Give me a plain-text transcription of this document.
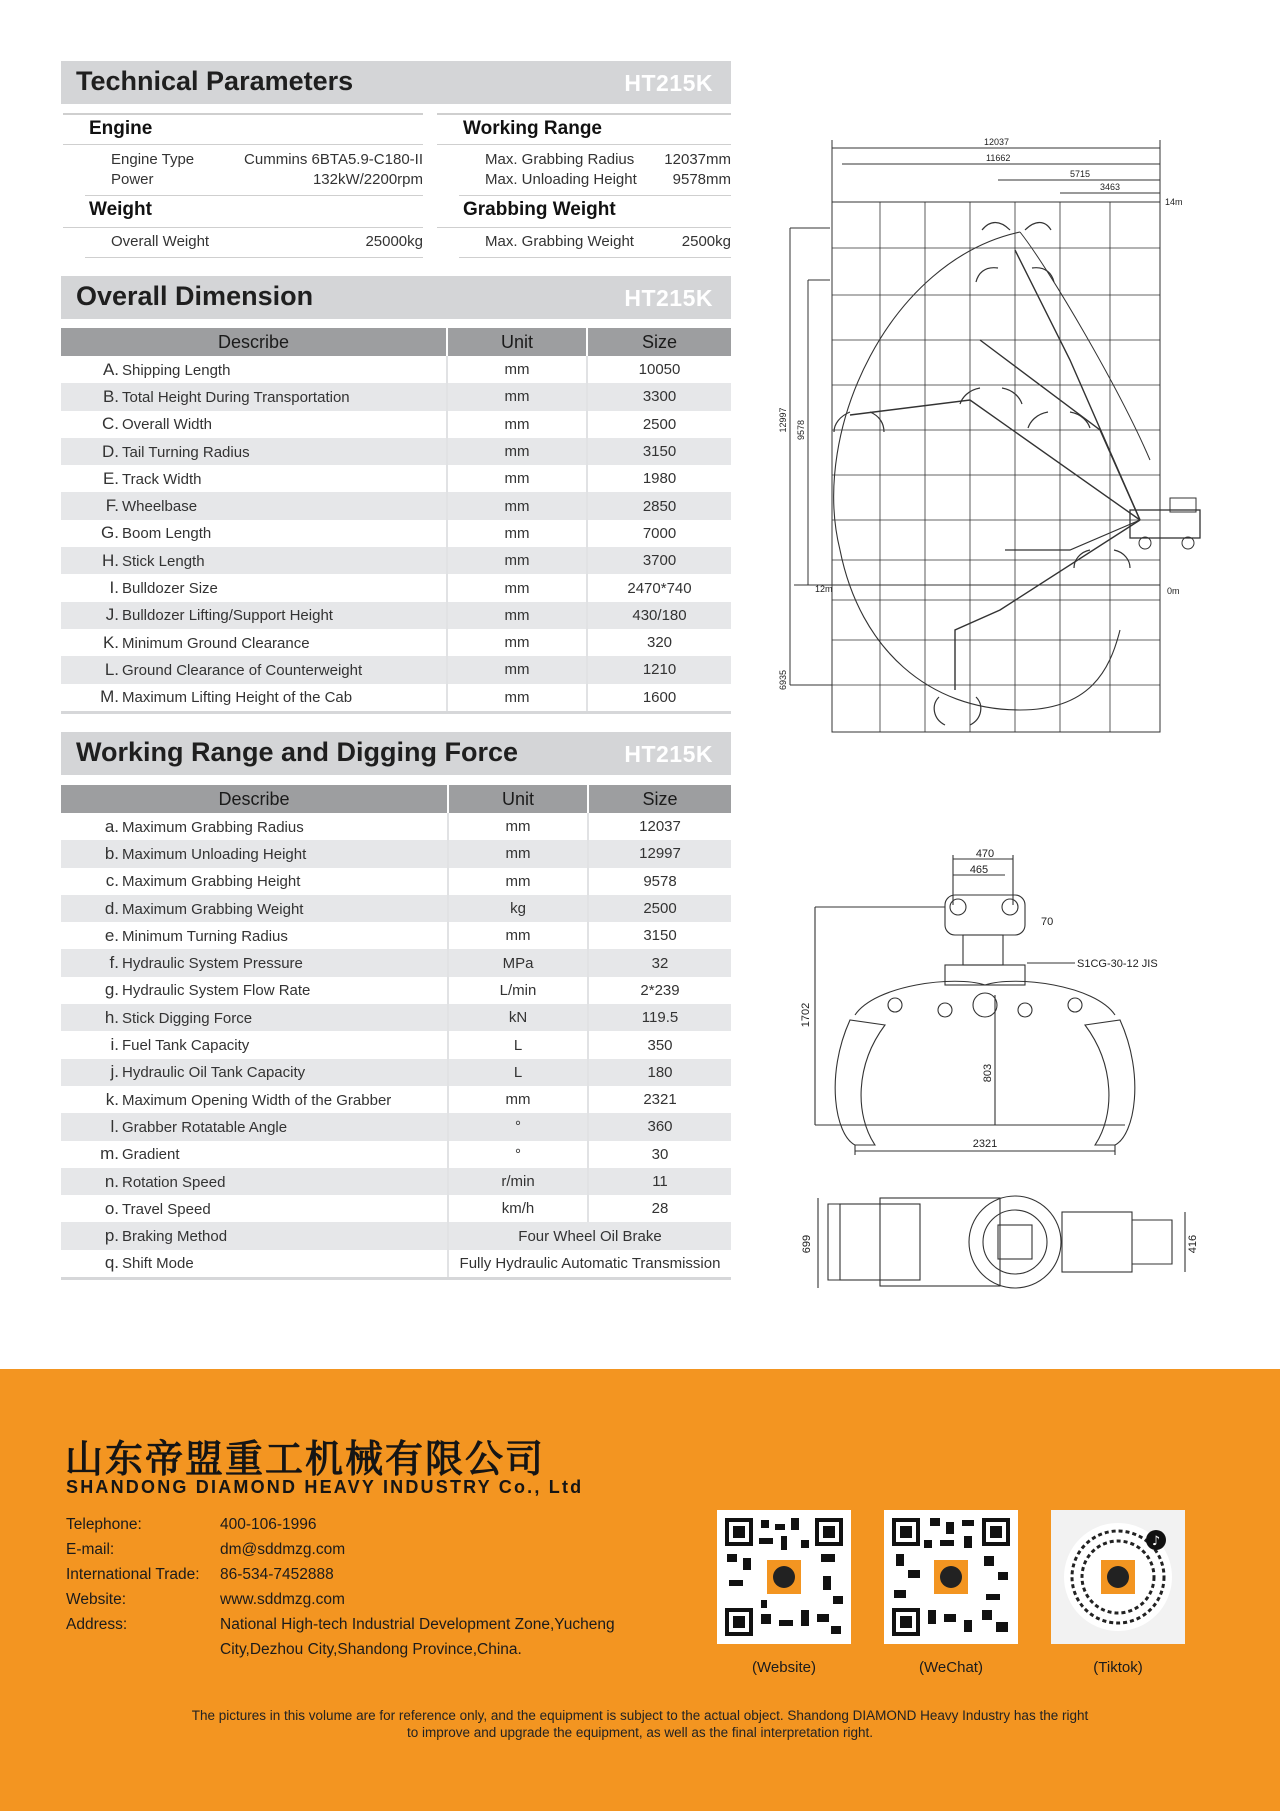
Technical Parameters	HT215K
Engine
Engine Type	Cummins 6BTA5.9-C180-II
Power	132kW/2200rpm
Weight
Overall Weight	25000kg
Working Range
Max. Grabbing Radius 12037mm
Max. Unloading Height 9578mm
Grabbing Weight
Max. Grabbing Weight	2500kg
Overall Dimension	HT215K
Describe	Unit	Size
A. Shipping Length	mm	10050
B. Total Height During Transportation	mm	3300
C. Overall Width	mm	2500
D. Tail Turning Radius	mm	3150
E. Track Width	mm	1980
F. Wheelbase	mm	2850
G. Boom Length	mm	7000
H. Stick Length	mm	3700
I. Bulldozer Size	mm	2470*740
J. Bulldozer Lifting/Support Height	mm	430/180
K. Minimum Ground Clearance	mm	320
L. Ground Clearance of Counterweight	mm	1210
M. Maximum Lifting Height of the Cab	mm	1600
Working Range and Digging Force	HT215K
Describe	Unit	Size
a. Maximum Grabbing Radius	mm	12037
b. Maximum Unloading Height	mm	12997
c. Maximum Grabbing Height	mm	9578
d. Maximum Grabbing Weight	kg	2500
e. Minimum Turning Radius	mm	3150
f. Hydraulic System Pressure	MPa	32
g. Hydraulic System Flow Rate	L/min	2*239
h. Stick Digging Force	kN	119.5
i. Fuel Tank Capacity	L	350
j. Hydraulic Oil Tank Capacity	L	180
k. Maximum Opening Width of the Grabber	mm	2321
l. Grabber Rotatable Angle	°	360
m. Gradient	°	30
n. Rotation Speed	r/min	11
o. Travel Speed	km/h	28
p. Braking Method	Four Wheel Oil Brake	
q. Shift Mode	Fully Hydraulic Automatic Transmission	
12037
11662
5715
3463
14m
12m	0m
12997 9578
6935
470
465
70
S1CG-30-12 JIS
1702
803
2321
699	416
山东帝盟重工机械有限公司
SHANDONG DIAMOND HEAVY INDUSTRY Co., Ltd
Telephone:	400-106-1996
E-mail:	dm@sddmzg.com
International Trade: 86-534-7452888
Website:	www.sddmzg.com
Address:	National High-tech Industrial Development Zone,Yucheng
City,Dezhou City,Shandong Province,China.
♪
(Website)	(WeChat)	(Tiktok)
The pictures in this volume are for reference only, and the equipment is subject to the actual object. Shandong DIAMOND Heavy Industry has the right
to improve and upgrade the equipment, as well as the final interpretation right.
